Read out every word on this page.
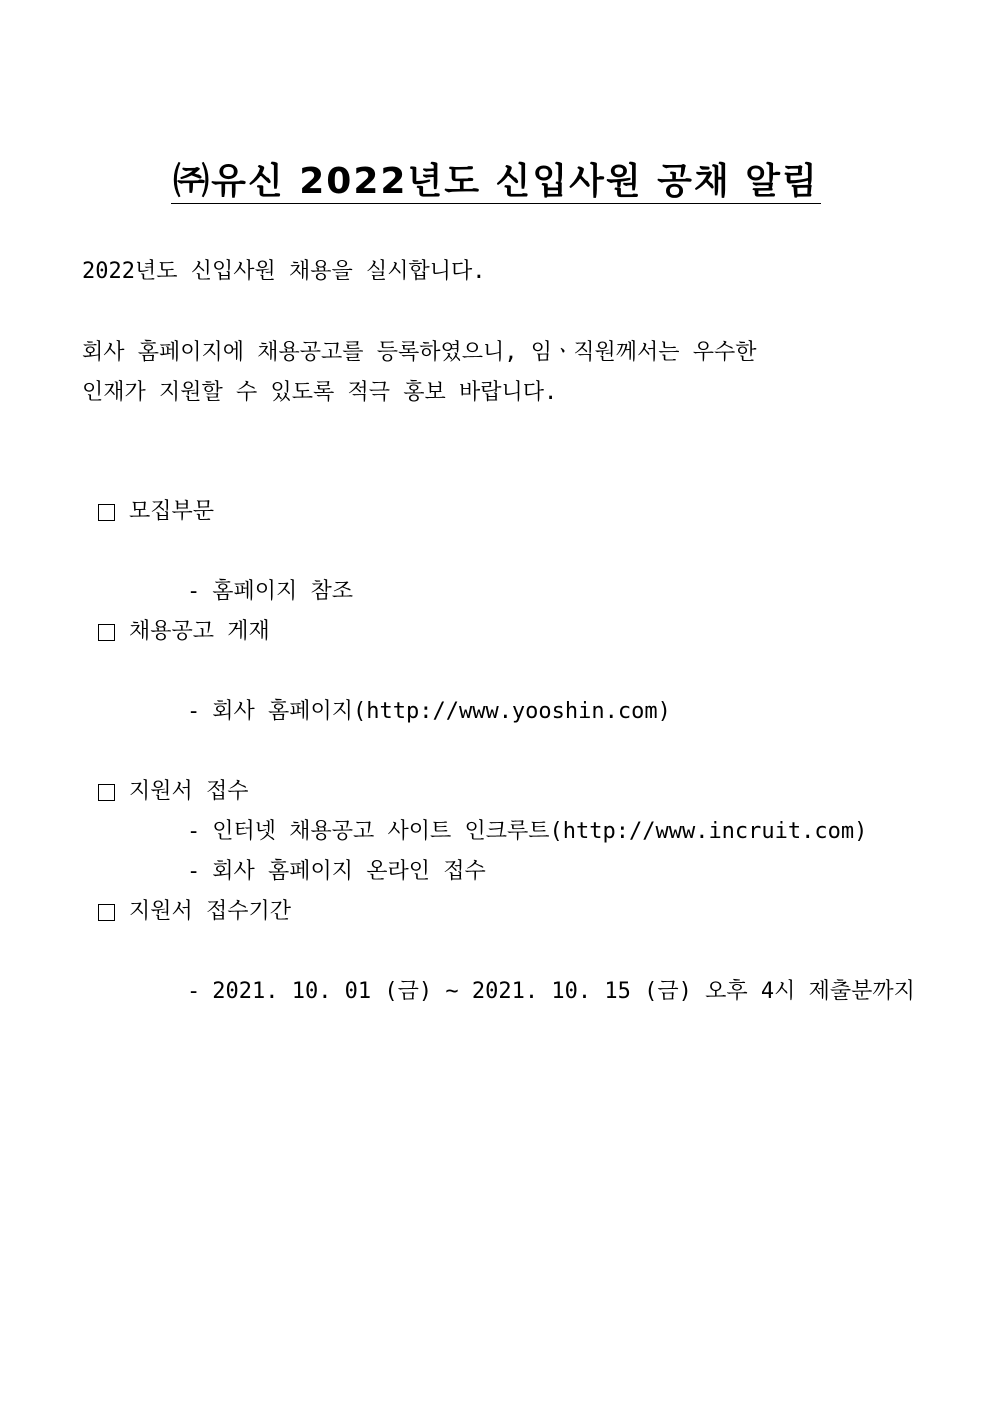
㈜유신 2022년도 신입사원 공채 알림
2022년도 신입사원 채용을 실시합니다.
회사 홈페이지에 채용공고를 등록하였으니, 임ㆍ직원께서는 우수한
인재가 지원할 수 있도록 적극 홍보 바랍니다.
모집부문

- 홈페이지 참조

채용공고 게재

- 회사 홈페이지(http://www.yooshin.com)

- 인터넷 채용공고 사이트 인크루트(http://www.incruit.com)

지원서 접수

- 회사 홈페이지 온라인 접수

지원서 접수기간

- 2021. 10. 01 (금) ~ 2021. 10. 15 (금) 오후 4시 제출분까지
